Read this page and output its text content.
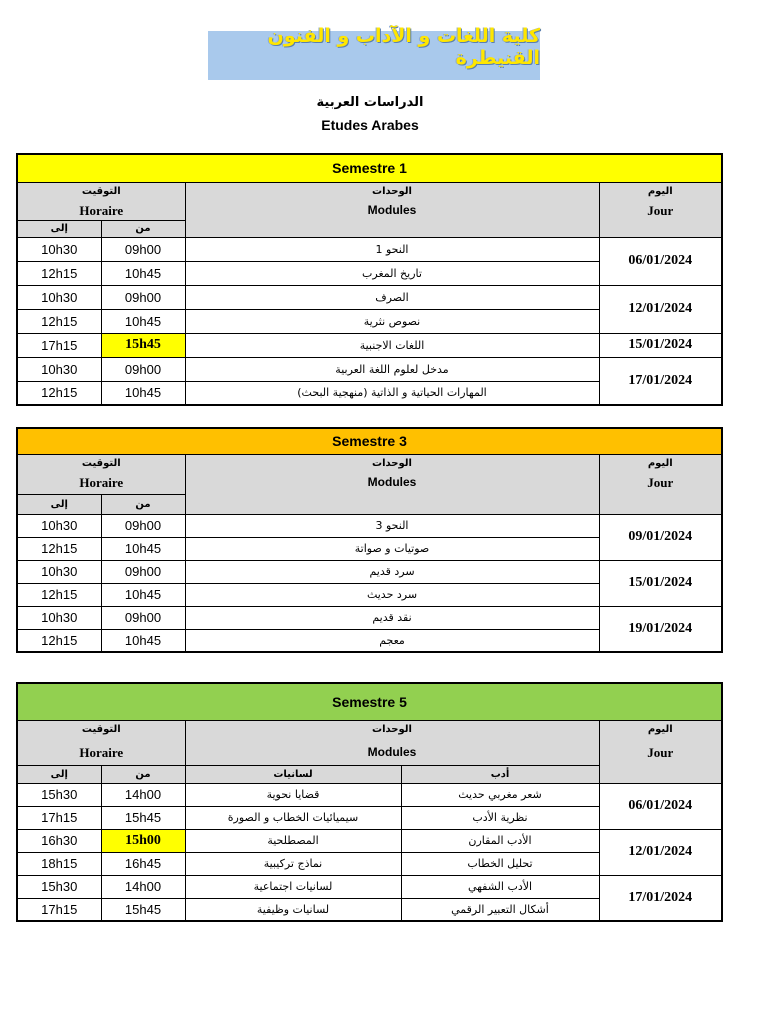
كلية اللغات و الآداب و الفنون القنيطرة
الدراسات العربية
Etudes Arabes
Semestre 1			

التوقيت
Horaire		الوحدات
Modules	اليوم
Jour

إلى	من		
10h30	09h00	النحو 1	06/01/2024
12h15	10h45	تاريخ المغرب	
10h30	09h00	الصرف	12/01/2024
12h15	10h45	نصوص نثرية	
17h15	15h45	اللغات الاجنبية	15/01/2024
10h30	09h00	مدخل لعلوم اللغة العربية	17/01/2024
12h15	10h45	المهارات الحياتية و الذاتية (منهجية البحث)	
Semestre 3			

التوقيت
Horaire		الوحدات
Modules	اليوم
Jour

إلى	من		
10h30	09h00	النحو 3	09/01/2024
12h15	10h45	صوتيات و صواتة	
10h30	09h00	سرد قديم	15/01/2024
12h15	10h45	سرد حديث	
10h30	09h00	نقد قديم	19/01/2024
12h15	10h45	معجم	
Semestre 5				

التوقيت
Horaire		الوحدات
Modules		اليوم
Jour

إلى	من	لسانيات	أدب	
15h30	14h00	قضايا نحوية	شعر مغربي حديث	06/01/2024
17h15	15h45	سيميائيات الخطاب و الصورة	نظرية الأدب	
16h30	15h00	المصطلحية	الأدب المقارن	12/01/2024
18h15	16h45	نماذج تركيبية	تحليل الخطاب	
15h30	14h00	لسانيات اجتماعية	الأدب الشفهي	17/01/2024
17h15	15h45	لسانيات وظيفية	أشكال التعبير الرقمي	
